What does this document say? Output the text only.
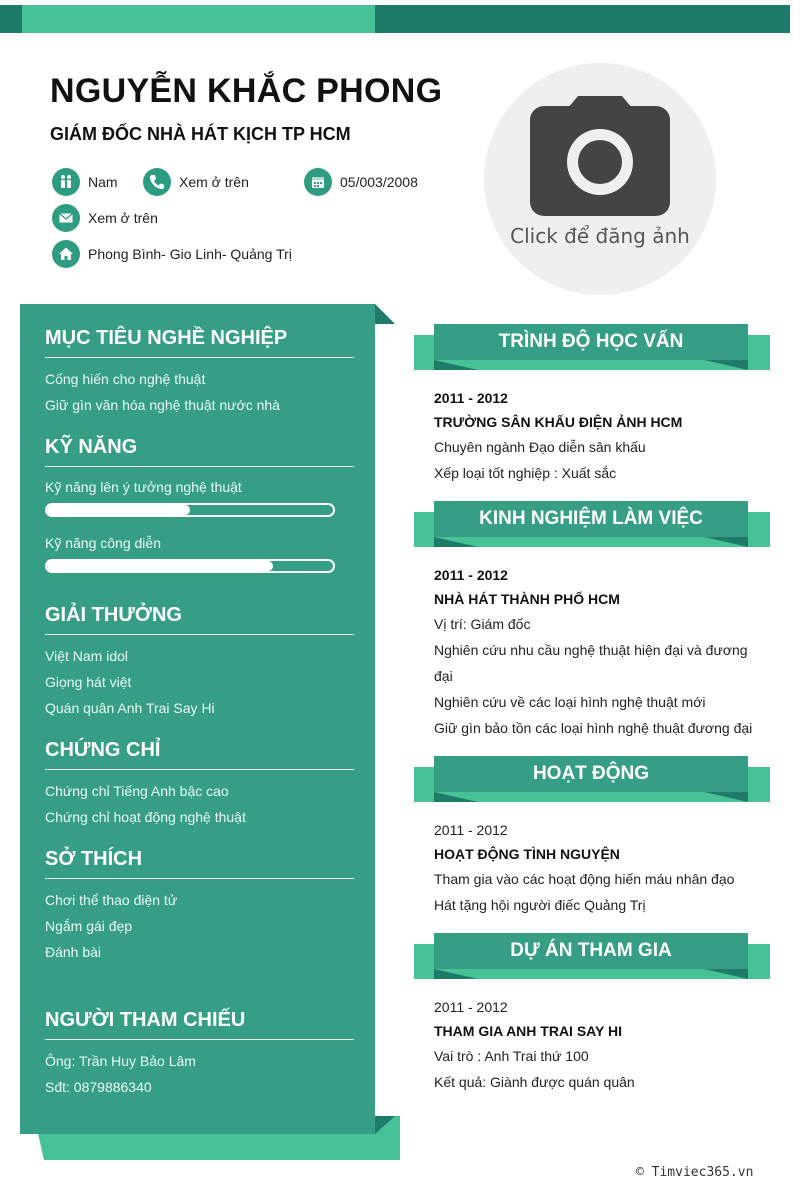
NGUYỄN KHẮC PHONG
GIÁM ĐỐC NHÀ HÁT KỊCH TP HCM
Nam	Xem ở trên	05/003/2008
Xem ở trên
Phong Bình- Gio Linh- Quảng Trị
Click để đăng ảnh
MỤC TIÊU NGHỀ NGHIỆP
Cống hiến cho nghệ thuật
Giữ gìn văn hóa nghệ thuật nước nhà
KỸ NĂNG
Kỹ năng lên ý tưởng nghệ thuật
Kỹ năng công diễn
GIẢI THƯỞNG
Việt Nam idol
Giọng hát việt
Quán quân Anh Trai Say Hi
CHỨNG CHỈ
Chứng chỉ Tiếng Anh bậc cao
Chứng chỉ hoạt động nghệ thuật
SỞ THÍCH
Chơi thể thao điện tử
Ngắm gái đẹp
Đánh bài
NGƯỜI THAM CHIẾU
Ông: Trần Huy Bảo Lâm
Sđt: 0879886340
TRÌNH ĐỘ HỌC VẤN
2011 - 2012
TRƯỜNG SÂN KHẤU ĐIỆN ẢNH HCM
Chuyên ngành Đạo diễn sân khấu
Xếp loại tốt nghiệp : Xuất sắc
KINH NGHIỆM LÀM VIỆC
2011 - 2012
NHÀ HÁT THÀNH PHỐ HCM
Vị trí: Giám đốc
Nghiên cứu nhu cầu nghệ thuật hiện đại và đương đại
Nghiên cứu về các loại hình nghệ thuật mới
Giữ gìn bảo tồn các loại hình nghệ thuật đương đại
HOẠT ĐỘNG
2011 - 2012
HOẠT ĐỘNG TÌNH NGUYỆN
Tham gia vào các hoạt động hiến máu nhân đạo
Hát tặng hội người điếc Quảng Trị
DỰ ÁN THAM GIA
2011 - 2012
THAM GIA ANH TRAI SAY HI
Vai trò : Anh Trai thứ 100
Kết quả: Giành được quán quân
© Timviec365.vn
